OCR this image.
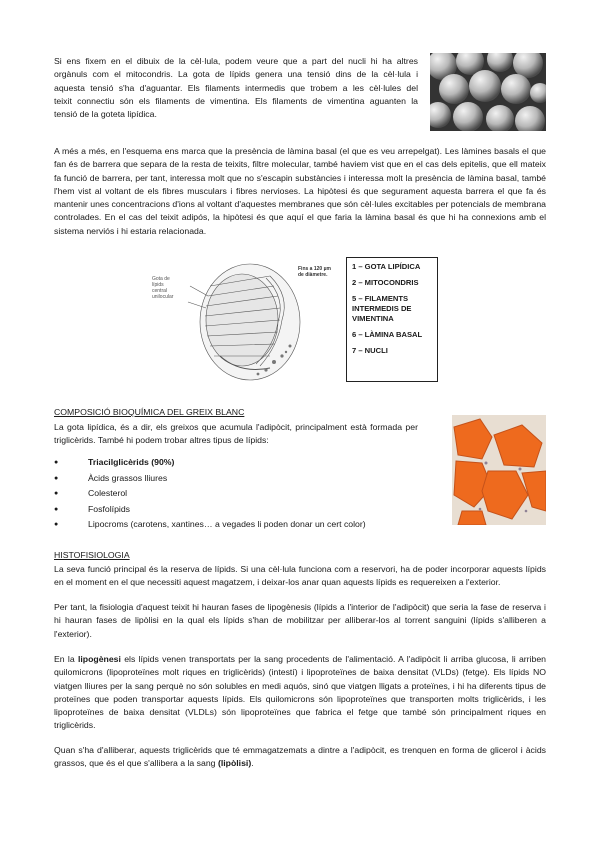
Si ens fixem en el dibuix de la cèl·lula, podem veure que a part del nucli hi ha altres
orgànuls com el mitocondris. La gota de lípids genera una tensió dins de la cèl·lula i
aquesta tensió s'ha d'aguantar. Els filaments intermedis que trobem a les cèl·lules del
teixit connectiu són els filaments de vimentina. Els filaments de vimentina aguanten la
tensió de la goteta lipídica.

A més a més, en l'esquema ens marca que la presència de làmina basal (el que es veu arrepelgat). Les làmines basals el que fan és de barrera que separa de la resta de teixits, filtre molecular, també haviem vist que en el cas dels epitelis, que ell mateix fa funció de barrera, per tant, interessa molt que no s'escapin substàncies i interessa molt la presència de làmina basal, també l'hem vist al voltant de els fibres musculars i fibres nervioses. La hipòtesi és que segurament aquesta barrera el que fa és mantenir unes concentracions d'ions al voltant d'aquestes membranes que són cèl·lules excitables per potencials de membrana controlades. En el cas del teixit adipós, la hipòtesi és que aquí el que faria la làmina basal és que hi ha connexions amb el sistema nerviós i hi estaria relacionada.

Gota de
lípids
central
unilocular
Fins a 120 µm
de diàmetre.
1 – GOTA LIPÍDICA
2 – MITOCONDRIS
5 – FILAMENTS INTERMEDIS DE VIMENTINA
6 – LÀMINA BASAL
7 – NUCLI
COMPOSICIÓ BIOQUÍMICA DEL GREIX BLANC

La gota lipídica, és a dir, els greixos que acumula l'adipòcit, principalment està formada per triglicèrids. També hi podem trobar altres tipus de lípids:

● Triacilglicèrids (90%)
● Àcids grassos lliures
● Colesterol
● Fosfolípids
● Lipocroms (carotens, xantines… a vegades li poden donar un cert color)
HISTOFISIOLOGIA

La seva funció principal és la reserva de lípids. Si una cèl·lula funciona com a reservori, ha de poder incorporar aquests lípids en el moment en el que necessiti aquest magatzem, i deixar-los anar quan aquests lípids es requereixen a l'exterior.

Per tant, la fisiologia d'aquest teixit hi hauran fases de lipogènesis (lípids a l'interior de l'adipòcit) que seria la fase de reserva i hi hauran fases de lipòlisi en la qual els lípids s'han de mobilitzar per alliberar-los al torrent sanguini (lípids s'alliberen a l'exterior).

En la lipogènesi els lípids venen transportats per la sang procedents de l'alimentació. A l'adipòcit li arriba glucosa, li arriben quilomicrons (lipoproteïnes molt riques en triglicèrids) (intestí) i lipoproteïnes de baixa densitat (VLDs) (fetge). Els lípids NO viatgen lliures per la sang perquè no són solubles en medi aquós, sinó que viatgen lligats a proteïnes, i hi ha diferents tipus de proteïnes que poden transportar aquests lípids. Els quilomicrons són lipoproteïnes que transporten molts triglicèrids, i les lipoproteïnes de baixa densitat (VLDLs) són lipoproteïnes que fabrica el fetge que també són principalment riques en triglicèrids.

Quan s'ha d'alliberar, aquests triglicèrids que té emmagatzemats a dintre a l'adipòcit, es trenquen en forma de glicerol i àcids grassos, que és el que s'allibera a la sang (lipòlisi).
